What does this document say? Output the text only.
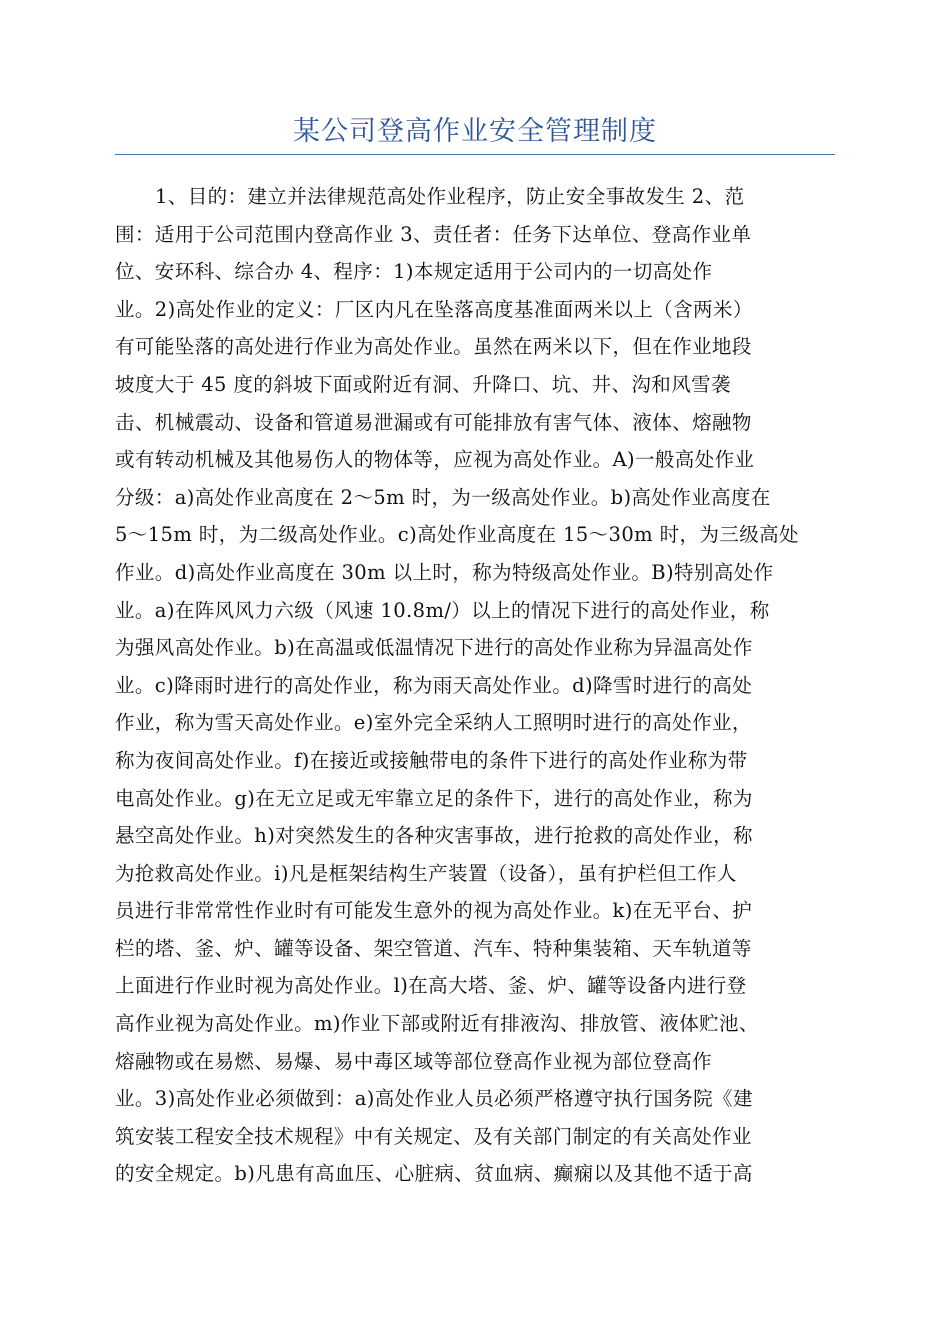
某公司登高作业安全管理制度
1、目的：建立并法律规范高处作业程序，防止安全事故发生 2、范
围：适用于公司范围内登高作业 3、责任者：任务下达单位、登高作业单
位、安环科、综合办 4、程序：1)本规定适用于公司内的一切高处作
业。2)高处作业的定义：厂区内凡在坠落高度基准面两米以上（含两米）
有可能坠落的高处进行作业为高处作业。虽然在两米以下，但在作业地段
坡度大于 45 度的斜坡下面或附近有洞、升降口、坑、井、沟和风雪袭
击、机械震动、设备和管道易泄漏或有可能排放有害气体、液体、熔融物
或有转动机械及其他易伤人的物体等，应视为高处作业。A)一般高处作业
分级：a)高处作业高度在 2～5m 时，为一级高处作业。b)高处作业高度在
5～15m 时，为二级高处作业。c)高处作业高度在 15～30m 时，为三级高处
作业。d)高处作业高度在 30m 以上时，称为特级高处作业。B)特别高处作
业。a)在阵风风力六级（风速 10.8m/）以上的情况下进行的高处作业，称
为强风高处作业。b)在高温或低温情况下进行的高处作业称为异温高处作
业。c)降雨时进行的高处作业，称为雨天高处作业。d)降雪时进行的高处
作业，称为雪天高处作业。e)室外完全采纳人工照明时进行的高处作业，
称为夜间高处作业。f)在接近或接触带电的条件下进行的高处作业称为带
电高处作业。g)在无立足或无牢靠立足的条件下，进行的高处作业，称为
悬空高处作业。h)对突然发生的各种灾害事故，进行抢救的高处作业，称
为抢救高处作业。i)凡是框架结构生产装置（设备），虽有护栏但工作人
员进行非常常性作业时有可能发生意外的视为高处作业。k)在无平台、护
栏的塔、釜、炉、罐等设备、架空管道、汽车、特种集装箱、天车轨道等
上面进行作业时视为高处作业。l)在高大塔、釜、炉、罐等设备内进行登
高作业视为高处作业。m)作业下部或附近有排液沟、排放管、液体贮池、
熔融物或在易燃、易爆、易中毒区域等部位登高作业视为部位登高作
业。3)高处作业必须做到：a)高处作业人员必须严格遵守执行国务院《建
筑安装工程安全技术规程》中有关规定、及有关部门制定的有关高处作业
的安全规定。b)凡患有高血压、心脏病、贫血病、癫痫以及其他不适于高
